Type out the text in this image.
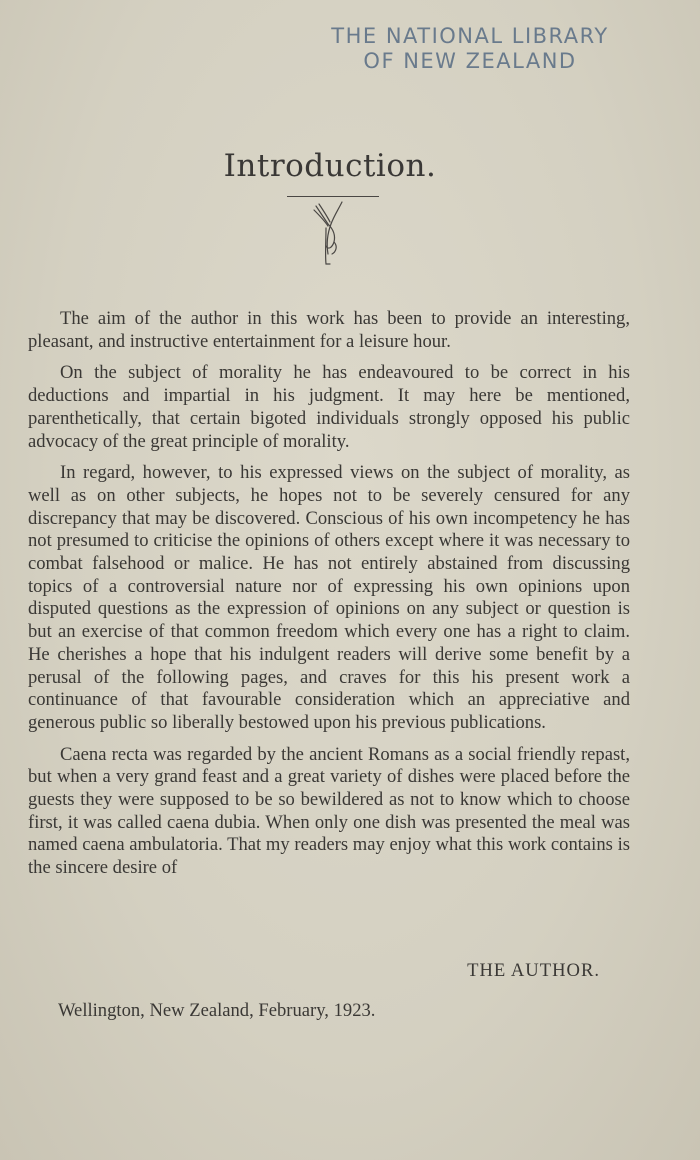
THE NATIONAL LIBRARY
OF NEW ZEALAND
Introduction.

The aim of the author in this work has been to provide an interesting, pleasant, and instructive entertainment for a leisure hour.

On the subject of morality he has endeavoured to be correct in his deductions and impartial in his judgment. It may here be mentioned, parenthetically, that certain bigoted individuals strongly opposed his public advocacy of the great principle of morality.

In regard, however, to his expressed views on the subject of morality, as well as on other subjects, he hopes not to be severely censured for any discrepancy that may be discovered. Conscious of his own incompetency he has not presumed to criticise the opinions of others except where it was necessary to combat falsehood or malice. He has not entirely abstained from discussing topics of a controversial nature nor of expressing his own opinions upon disputed questions as the expression of opinions on any subject or question is but an exercise of that common freedom which every one has a right to claim. He cherishes a hope that his indulgent readers will derive some benefit by a perusal of the following pages, and craves for this his present work a continuance of that favourable consideration which an appreciative and generous public so liberally bestowed upon his previous publications.

Caena recta was regarded by the ancient Romans as a social friendly repast, but when a very grand feast and a great variety of dishes were placed before the guests they were supposed to be so bewildered as not to know which to choose first, it was called caena dubia. When only one dish was presented the meal was named caena ambulatoria. That my readers may enjoy what this work contains is the sincere desire of

THE AUTHOR.
Wellington, New Zealand, February, 1923.
